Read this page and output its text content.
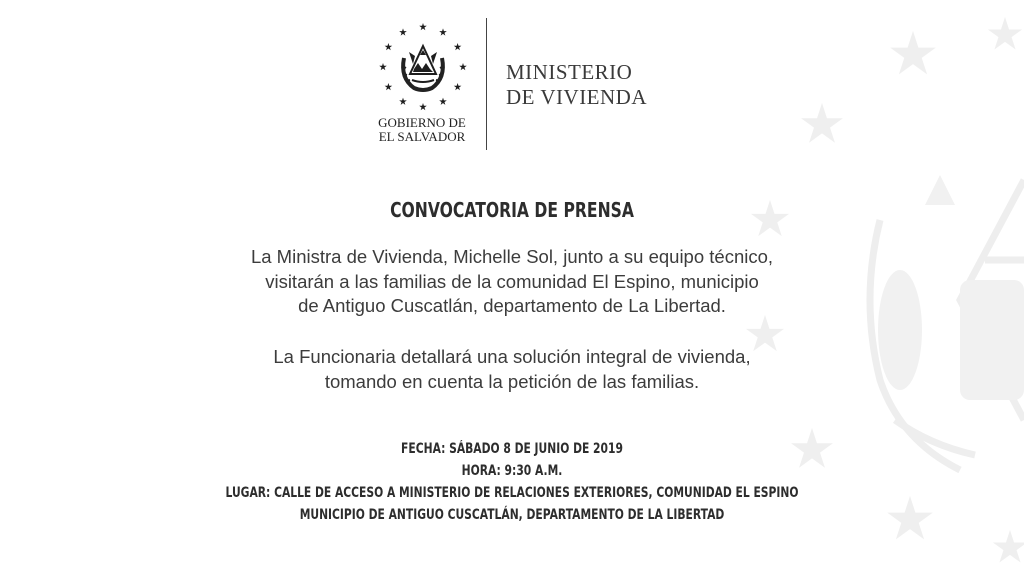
GOBIERNO DE
EL SALVADOR
MINISTERIO
DE VIVIENDA
CONVOCATORIA DE PRENSA
La Ministra de Vivienda, Michelle Sol, junto a su equipo técnico,
visitarán a las familias de la comunidad El Espino, municipio
de Antiguo Cuscatlán, departamento de La Libertad.
La Funcionaria detallará una solución integral de vivienda,
tomando en cuenta la petición de las familias.
FECHA: SÁBADO 8 DE JUNIO DE 2019
HORA: 9:30 A.M.
LUGAR: CALLE DE ACCESO A MINISTERIO DE RELACIONES EXTERIORES, COMUNIDAD EL ESPINO
MUNICIPIO DE ANTIGUO CUSCATLÁN, DEPARTAMENTO DE LA LIBERTAD
